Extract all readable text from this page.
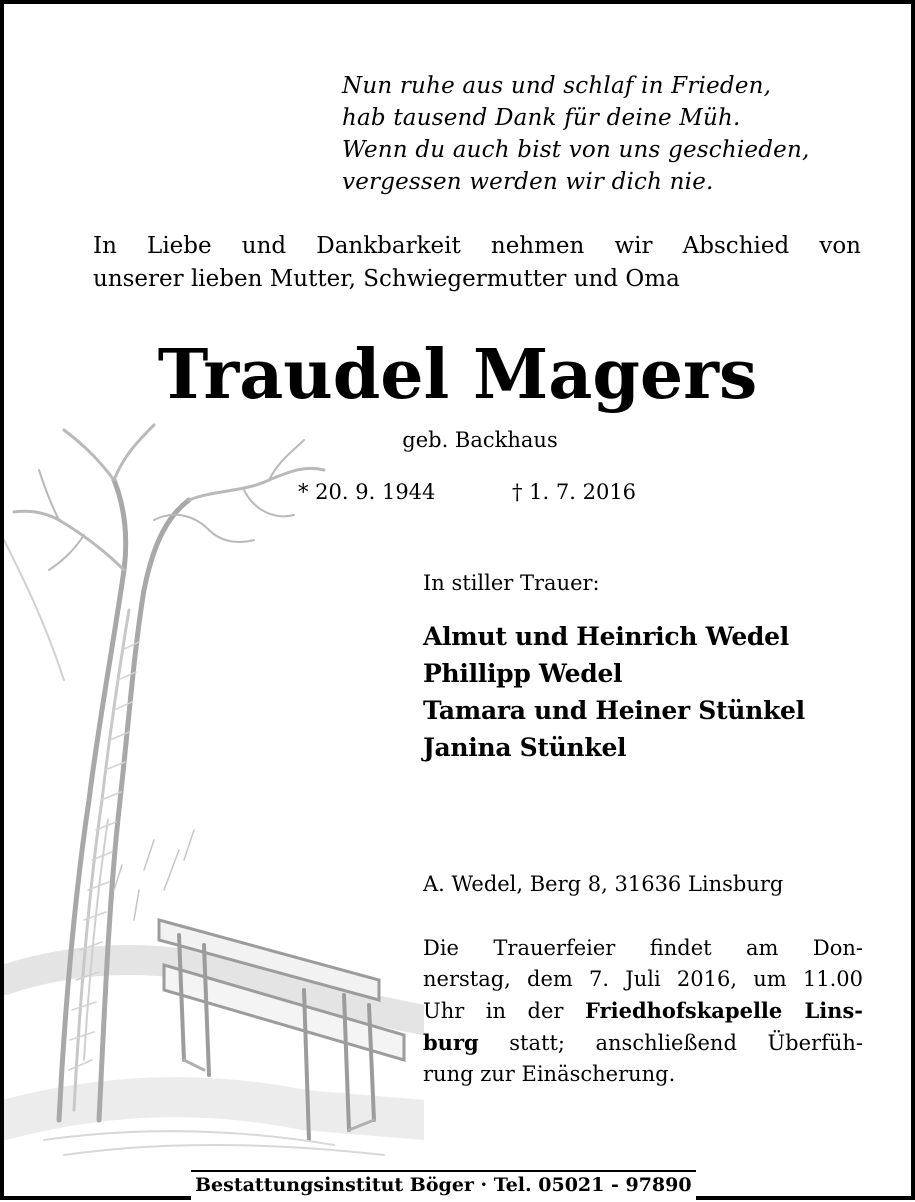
Nun ruhe aus und schlaf in Frieden,
hab tausend Dank für deine Müh.
Wenn du auch bist von uns geschieden,
vergessen werden wir dich nie.
In Liebe und Dankbarkeit nehmen wir Abschied von
unserer lieben Mutter, Schwiegermutter und Oma
Traudel Magers
geb. Backhaus
* 20. 9. 1944	† 1. 7. 2016
In stiller Trauer:
Almut und Heinrich Wedel
Phillipp Wedel
Tamara und Heiner Stünkel
Janina Stünkel
A. Wedel, Berg 8, 31636 Linsburg
Die Trauerfeier findet am Don-
nerstag, dem 7. Juli 2016, um 11.00
Uhr in der Friedhofskapelle Lins-
burg statt; anschließend Überfüh-
rung zur Einäscherung.
Bestattungsinstitut Böger · Tel. 05021 - 97890
